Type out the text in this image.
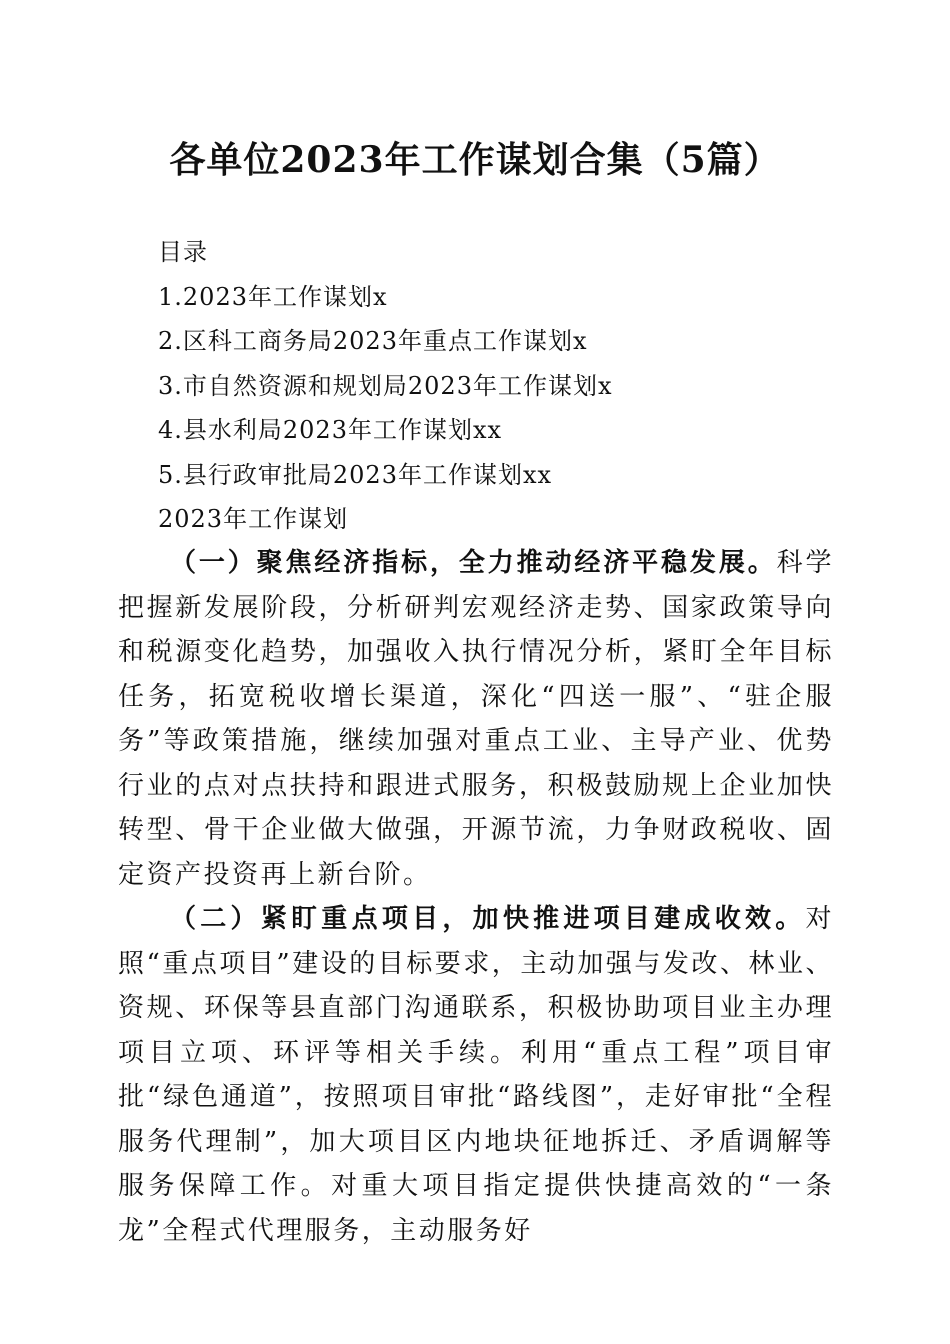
各单位2023年工作谋划合集（5篇）
目录
1.2023年工作谋划x
2.区科工商务局2023年重点工作谋划x
3.市自然资源和规划局2023年工作谋划x
4.县水利局2023年工作谋划xx
5.县行政审批局2023年工作谋划xx
2023年工作谋划

（一）聚焦经济指标，全力推动经济平稳发展。科学把握新发展阶段，分析研判宏观经济走势、国家政策导向和税源变化趋势，加强收入执行情况分析，紧盯全年目标任务，拓宽税收增长渠道，深化“四送一服”、“驻企服务”等政策措施，继续加强对重点工业、主导产业、优势行业的点对点扶持和跟进式服务，积极鼓励规上企业加快转型、骨干企业做大做强，开源节流，力争财政税收、固定资产投资再上新台阶。

（二）紧盯重点项目，加快推进项目建成收效。对照“重点项目”建设的目标要求，主动加强与发改、林业、资规、环保等县直部门沟通联系，积极协助项目业主办理项目立项、环评等相关手续。利用“重点工程”项目审批“绿色通道”，按照项目审批“路线图”，走好审批“全程服务代理制”，加大项目区内地块征地拆迁、矛盾调解等服务保障工作。对重大项目指定提供快捷高效的“一条龙”全程式代理服务，主动服务好
